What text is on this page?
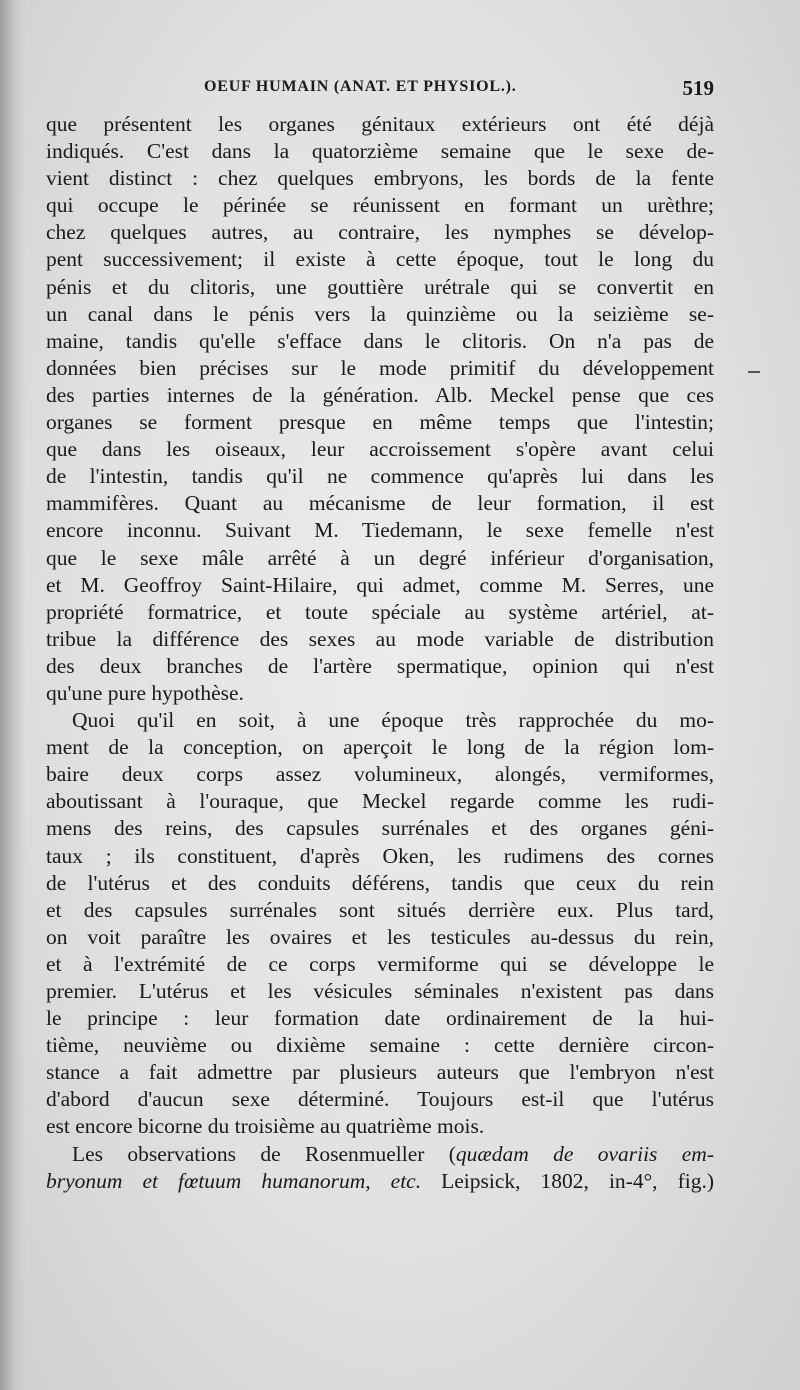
OEUF HUMAIN (ANAT. ET PHYSIOL.).	519
que présentent les organes génitaux extérieurs ont été déjà
indiqués. C'est dans la quatorzième semaine que le sexe de-
vient distinct : chez quelques embryons, les bords de la fente
qui occupe le périnée se réunissent en formant un urèthre;
chez quelques autres, au contraire, les nymphes se dévelop-
pent successivement; il existe à cette époque, tout le long du
pénis et du clitoris, une gouttière urétrale qui se convertit en
un canal dans le pénis vers la quinzième ou la seizième se-
maine, tandis qu'elle s'efface dans le clitoris. On n'a pas de
données bien précises sur le mode primitif du développement
des parties internes de la génération. Alb. Meckel pense que ces
organes se forment presque en même temps que l'intestin;
que dans les oiseaux, leur accroissement s'opère avant celui
de l'intestin, tandis qu'il ne commence qu'après lui dans les
mammifères. Quant au mécanisme de leur formation, il est
encore inconnu. Suivant M. Tiedemann, le sexe femelle n'est
que le sexe mâle arrêté à un degré inférieur d'organisation,
et M. Geoffroy Saint-Hilaire, qui admet, comme M. Serres, une
propriété formatrice, et toute spéciale au système artériel, at-
tribue la différence des sexes au mode variable de distribution
des deux branches de l'artère spermatique, opinion qui n'est
qu'une pure hypothèse.
Quoi qu'il en soit, à une époque très rapprochée du mo-
ment de la conception, on aperçoit le long de la région lom-
baire deux corps assez volumineux, alongés, vermiformes,
aboutissant à l'ouraque, que Meckel regarde comme les rudi-
mens des reins, des capsules surrénales et des organes géni-
taux ; ils constituent, d'après Oken, les rudimens des cornes
de l'utérus et des conduits déférens, tandis que ceux du rein
et des capsules surrénales sont situés derrière eux. Plus tard,
on voit paraître les ovaires et les testicules au-dessus du rein,
et à l'extrémité de ce corps vermiforme qui se développe le
premier. L'utérus et les vésicules séminales n'existent pas dans
le principe : leur formation date ordinairement de la hui-
tième, neuvième ou dixième semaine : cette dernière circon-
stance a fait admettre par plusieurs auteurs que l'embryon n'est
d'abord d'aucun sexe déterminé. Toujours est-il que l'utérus
est encore bicorne du troisième au quatrième mois.
Les observations de Rosenmueller (quædam de ovariis em-
bryonum et fœtuum humanorum, etc. Leipsick, 1802, in-4°, fig.)
